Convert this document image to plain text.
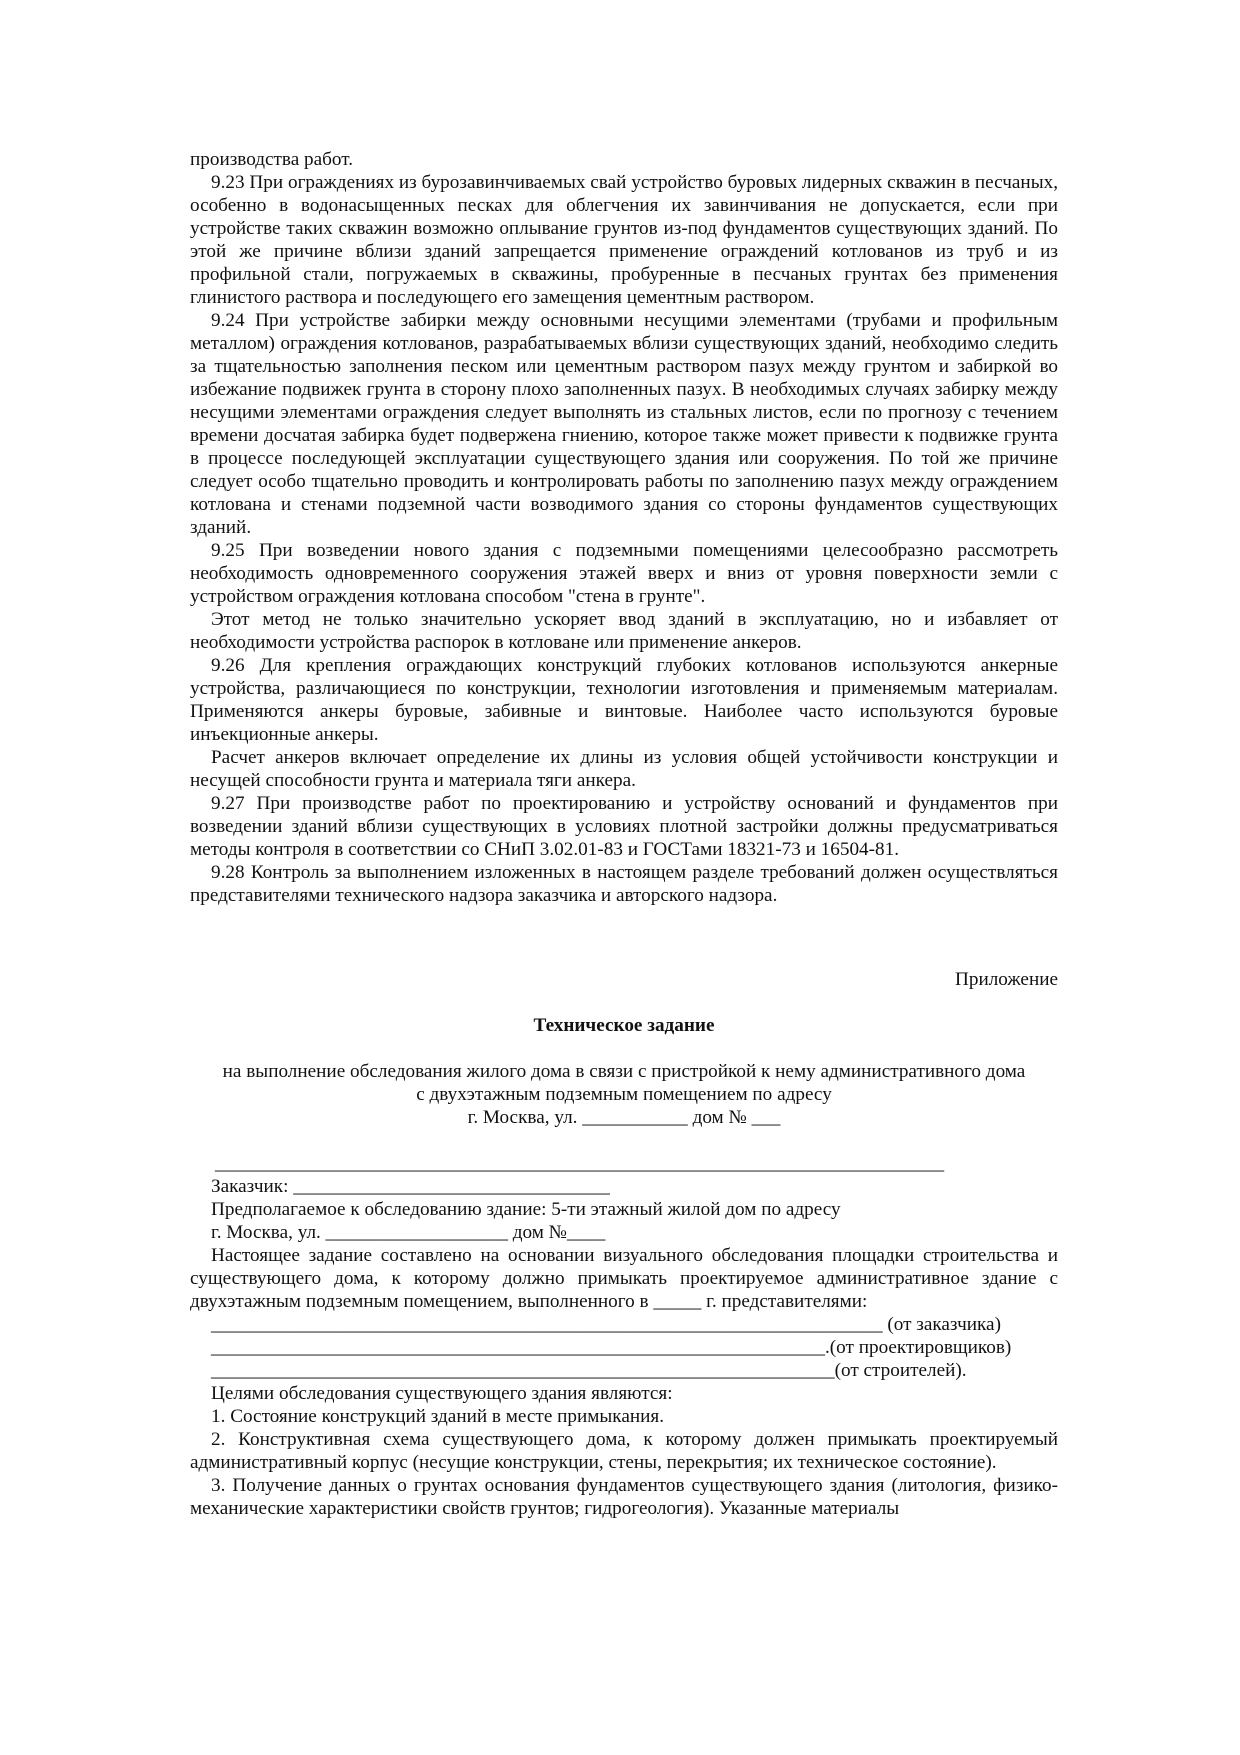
производства работ.

9.23 При ограждениях из бурозавинчиваемых свай устройство буровых лидерных скважин в песчаных, особенно в водонасыщенных песках для облегчения их завинчивания не допускается, если при устройстве таких скважин возможно оплывание грунтов из-под фундаментов существующих зданий. По этой же причине вблизи зданий запрещается применение ограждений котлованов из труб и из профильной стали, погружаемых в скважины, пробуренные в песчаных грунтах без применения глинистого раствора и последующего его замещения цементным раствором.

9.24 При устройстве забирки между основными несущими элементами (трубами и профильным металлом) ограждения котлованов, разрабатываемых вблизи существующих зданий, необходимо следить за тщательностью заполнения песком или цементным раствором пазух между грунтом и забиркой во избежание подвижек грунта в сторону плохо заполненных пазух. В необходимых случаях забирку между несущими элементами ограждения следует выполнять из стальных листов, если по прогнозу с течением времени досчатая забирка будет подвержена гниению, которое также может привести к подвижке грунта в процессе последующей эксплуатации существующего здания или сооружения. По той же причине следует особо тщательно проводить и контролировать работы по заполнению пазух между ограждением котлована и стенами подземной части возводимого здания со стороны фундаментов существующих зданий.

9.25 При возведении нового здания с подземными помещениями целесообразно рассмотреть необходимость одновременного сооружения этажей вверх и вниз от уровня поверхности земли с устройством ограждения котлована способом "стена в грунте".

Этот метод не только значительно ускоряет ввод зданий в эксплуатацию, но и избавляет от необходимости устройства распорок в котловане или применение анкеров.

9.26 Для крепления ограждающих конструкций глубоких котлованов используются анкерные устройства, различающиеся по конструкции, технологии изготовления и применяемым материалам. Применяются анкеры буровые, забивные и винтовые. Наиболее часто используются буровые инъекционные анкеры.

Расчет анкеров включает определение их длины из условия общей устойчивости конструкции и несущей способности грунта и материала тяги анкера.

9.27 При производстве работ по проектированию и устройству оснований и фундаментов при возведении зданий вблизи существующих в условиях плотной застройки должны предусматриваться методы контроля в соответствии со СНиП 3.02.01-83 и ГОСТами 18321-73 и 16504-81.

9.28 Контроль за выполнением изложенных в настоящем разделе требований должен осуществляться представителями технического надзора заказчика и авторского надзора.

Приложение

Техническое задание

на выполнение обследования жилого дома в связи с пристройкой к нему административного дома
с двухэтажным подземным помещением по адресу
г. Москва, ул. ___________ дом № ___
____________________________________________________________________________

Заказчик: _________________________________

Предполагаемое к обследованию здание: 5-ти этажный жилой дом по адресу

г. Москва, ул. ___________________ дом №____

Настоящее задание составлено на основании визуального обследования площадки строительства и существующего дома, к которому должно примыкать проектируемое административное здание с двухэтажным подземным помещением, выполненного в _____ г. представителями:

______________________________________________________________________ (от заказчика)

________________________________________________________________.(от проектировщиков)

_________________________________________________________________(от строителей).

Целями обследования существующего здания являются:

1. Состояние конструкций зданий в месте примыкания.

2. Конструктивная схема существующего дома, к которому должен примыкать проектируемый административный корпус (несущие конструкции, стены, перекрытия; их техническое состояние).

3. Получение данных о грунтах основания фундаментов существующего здания (литология, физико-механические характеристики свойств грунтов; гидрогеология). Указанные материалы
